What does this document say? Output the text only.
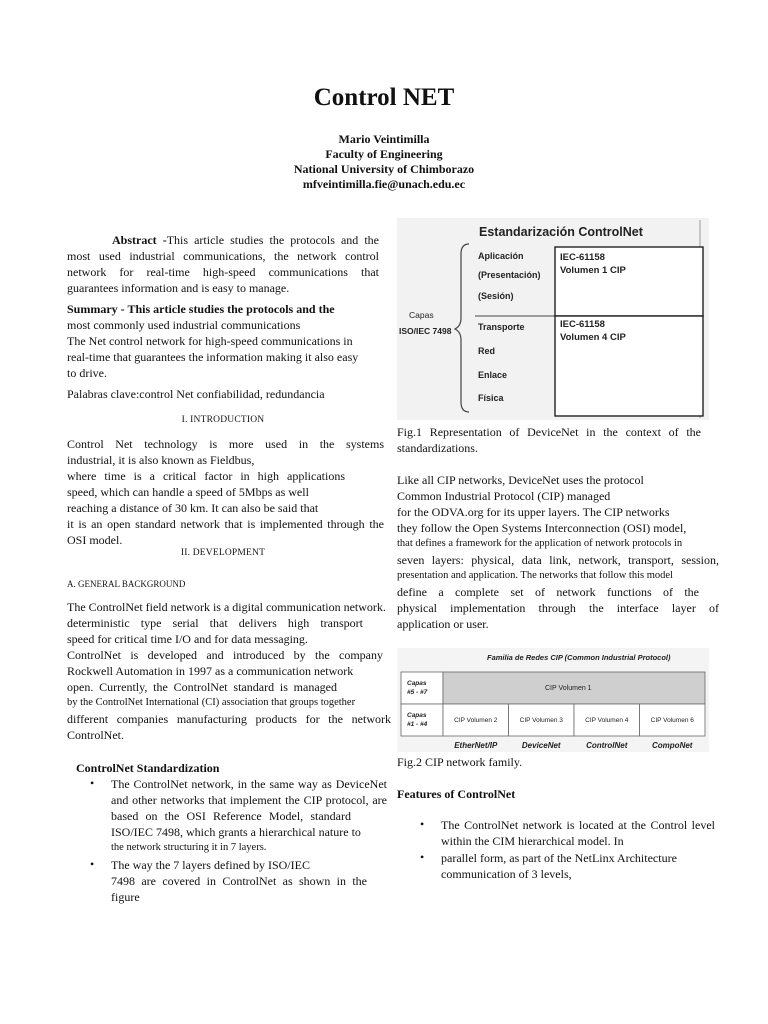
Control NET
Mario Veintimilla
Faculty of Engineering
National University of Chimborazo
mfveintimilla.fie@unach.edu.ec
Abstract -This article studies the protocols and the
most used industrial communications, the network control
network for real-time high-speed communications that
guarantees information and is easy to manage.
Summary - This article studies the protocols and the
most commonly used industrial communications
The Net control network for high-speed communications in
real-time that guarantees the information making it also easy
to drive.
Palabras clave:control Net confiabilidad, redundancia
I. INTRODUCTION
Control Net technology is more used in the systems
industrial, it is also known as Fieldbus,
where time is a critical factor in high applications
speed, which can handle a speed of 5Mbps as well
reaching a distance of 30 km. It can also be said that
it is an open standard network that is implemented through the
OSI model.
II. DEVELOPMENT
A. GENERAL BACKGROUND
The ControlNet field network is a digital communication network.
deterministic type serial that delivers high transport
speed for critical time I/O and for data messaging.
ControlNet is developed and introduced by the company
Rockwell Automation in 1997 as a communication network
open. Currently, the ControlNet standard is managed
by the ControlNet International (CI) association that groups together
different companies manufacturing products for the network
ControlNet.
ControlNet Standardization
• The ControlNet network, in the same way as DeviceNet
and other networks that implement the CIP protocol, are
based on the OSI Reference Model, standard
ISO/IEC 7498, which grants a hierarchical nature to
the network structuring it in 7 layers.
• The way the 7 layers defined by ISO/IEC
7498 are covered in ControlNet as shown in the
figure
Estandarización ControlNet
Capas
ISO/IEC 7498
Aplicación
(Presentación)
(Sesión)
Transporte
Red
Enlace
Física
IEC-61158
Volumen 1 CIP
IEC-61158
Volumen 4 CIP
Fig.1 Representation of DeviceNet in the context of the
standardizations.
Like all CIP networks, DeviceNet uses the protocol
Common Industrial Protocol (CIP) managed
for the ODVA.org for its upper layers. The CIP networks
they follow the Open Systems Interconnection (OSI) model,
that defines a framework for the application of network protocols in
seven layers: physical, data link, network, transport, session,
presentation and application. The networks that follow this model
define a complete set of network functions of the
physical implementation through the interface layer of
application or user.
Familia de Redes CIP (Common Industrial Protocol)
Capas
#5 - #7
CIP Volumen 1
Capas
#1 - #4
CIP Volumen 2
EtherNet/IP
CIP Volumen 3
DeviceNet
CIP Volumen 4
ControlNet
CIP Volumen 6
CompoNet
Fig.2 CIP network family.
Features of ControlNet
• The ControlNet network is located at the Control level
within the CIM hierarchical model. In
• parallel form, as part of the NetLinx Architecture
communication of 3 levels,
